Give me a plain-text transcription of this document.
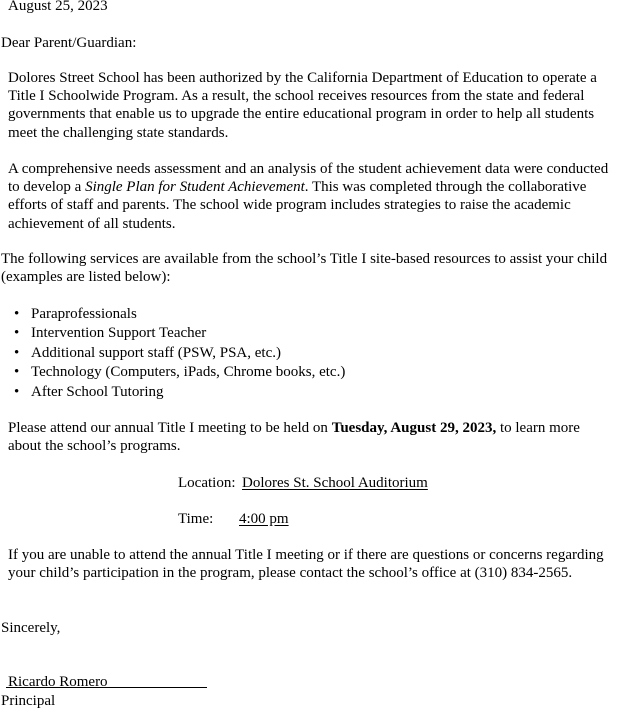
August 25, 2023
Dear Parent/Guardian:
Dolores Street School has been authorized by the California Department of Education to operate a Title I Schoolwide Program. As a result, the school receives resources from the state and federal governments that enable us to upgrade the entire educational program in order to help all students meet the challenging state standards.
A comprehensive needs assessment and an analysis of the student achievement data were conducted to develop a Single Plan for Student Achievement. This was completed through the collaborative efforts of staff and parents. The school wide program includes strategies to raise the academic achievement of all students.
The following services are available from the school’s Title I site-based resources to assist your child (examples are listed below):
• Paraprofessionals
• Intervention Support Teacher
• Additional support staff (PSW, PSA, etc.)
• Technology (Computers, iPads, Chrome books, etc.)
• After School Tutoring
Please attend our annual Title I meeting to be held on Tuesday, August 29, 2023, to learn more about the school’s programs.
Location: Dolores St. School Auditorium
Time: 4:00 pm
If you are unable to attend the annual Title I meeting or if there are questions or concerns regarding your child’s participation in the program, please contact the school’s office at (310) 834-2565.
Sincerely,
Ricardo Romero
Principal
